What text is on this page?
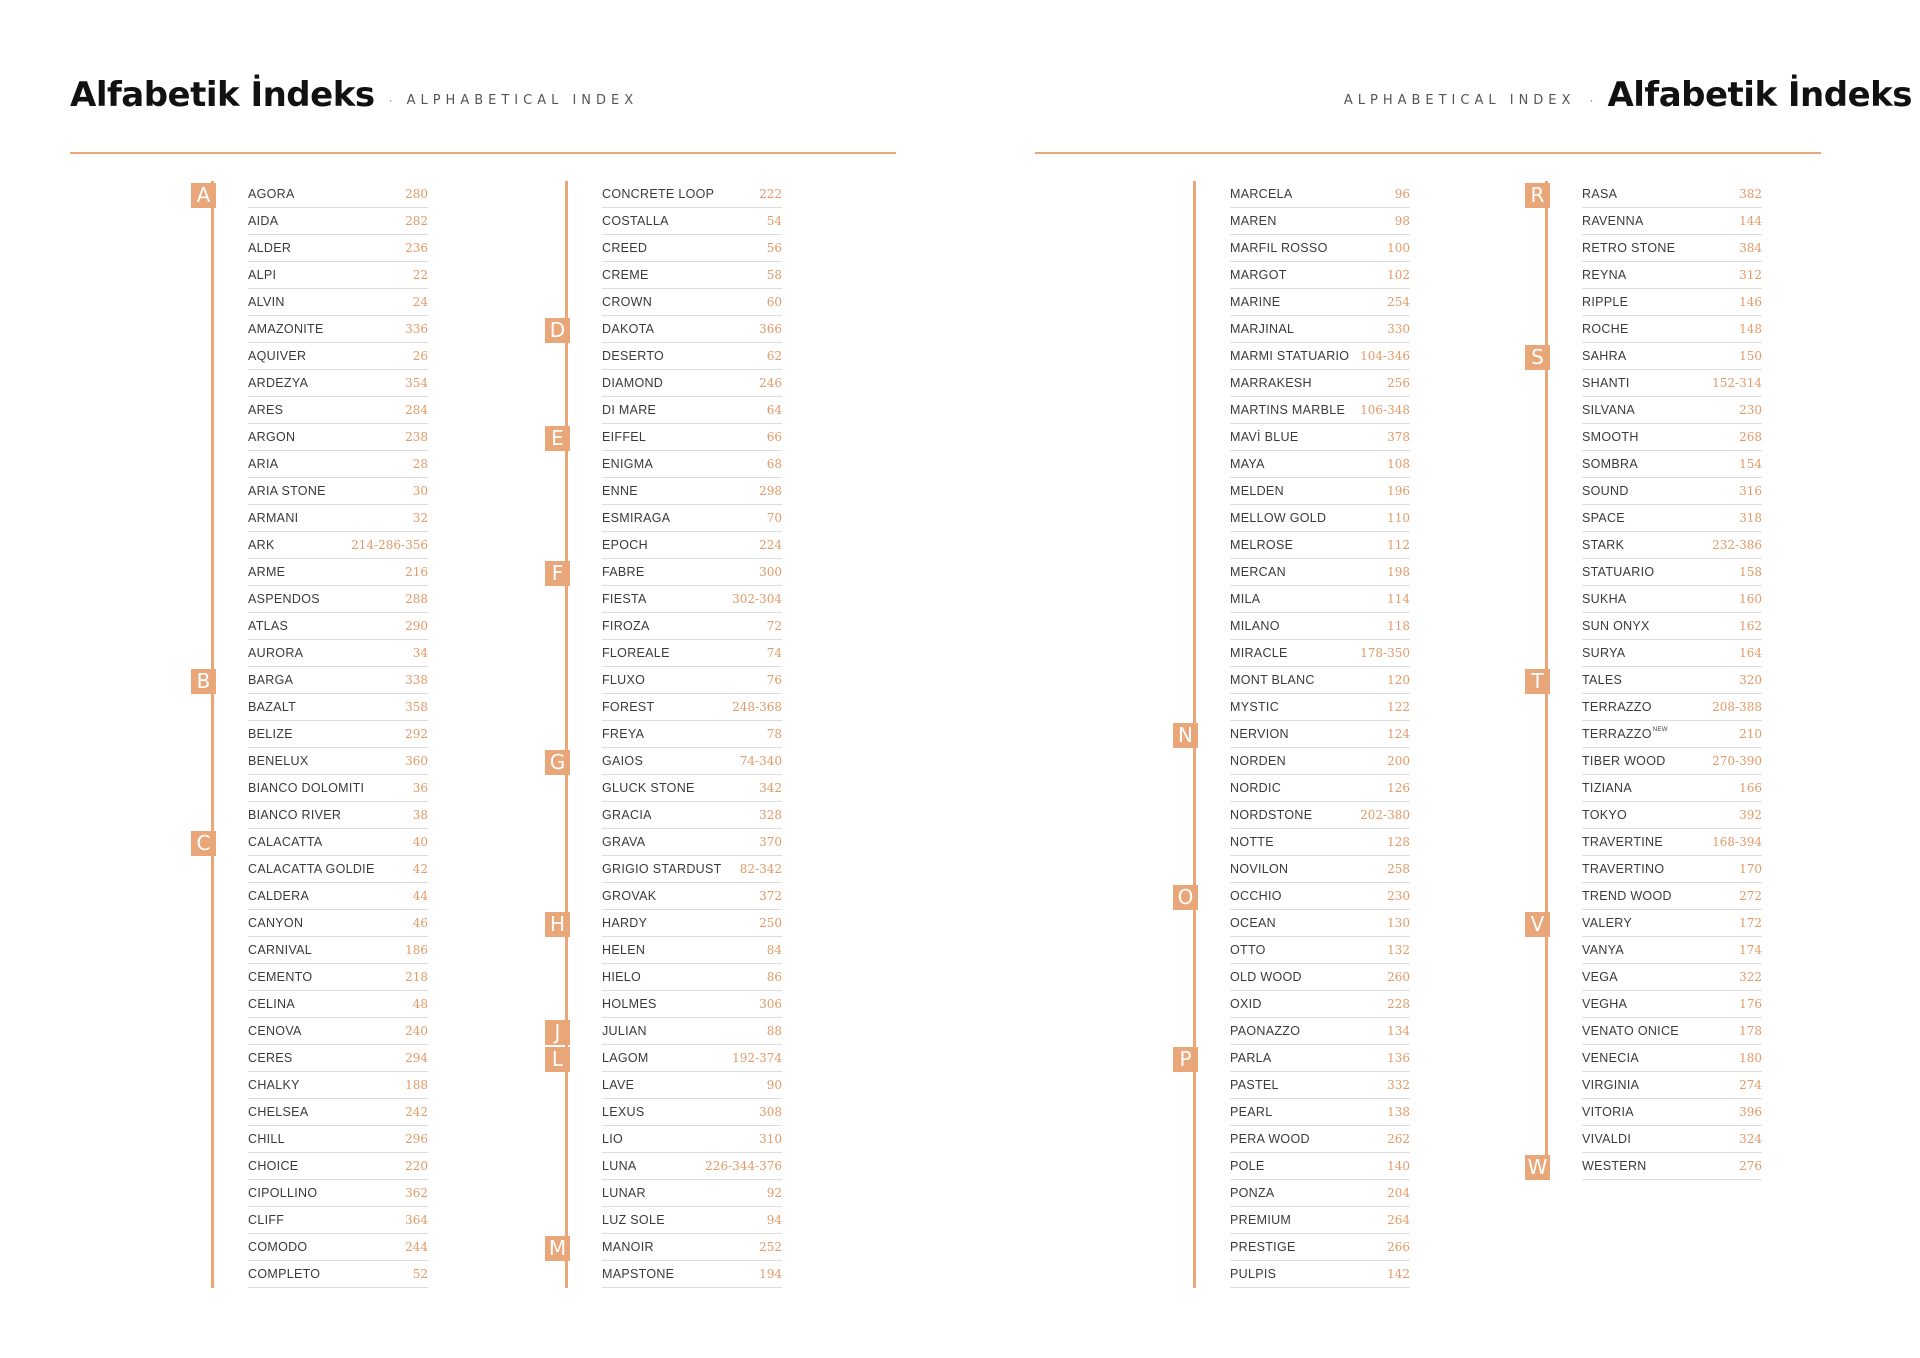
Alfabetik İndeks · ALPHABETICAL INDEX
A	AGORA	280
AIDA	282
ALDER	236
ALPI	22
ALVIN	24
AMAZONITE	336
AQUIVER	26
ARDEZYA	354
ARES	284
ARGON	238
ARIA	28
ARIA STONE	30
ARMANI	32
ARK	214-286-356
ARME	216
ASPENDOS	288
ATLAS	290
AURORA	34
B	BARGA	338
BAZALT	358
BELIZE	292
BENELUX	360
BIANCO DOLOMITI	36
BIANCO RIVER	38
C	CALACATTA	40
CALACATTA GOLDIE	42
CALDERA	44
CANYON	46
CARNIVAL	186
CEMENTO	218
CELINA	48
CENOVA	240
CERES	294
CHALKY	188
CHELSEA	242
CHILL	296
CHOICE	220
CIPOLLINO	362
CLIFF	364
COMODO	244
COMPLETO	52
CONCRETE LOOP	222
COSTALLA	54
CREED	56
CREME	58
CROWN	60
D	DAKOTA	366
DESERTO	62
DIAMOND	246
DI MARE	64
E	EIFFEL	66
ENIGMA	68
ENNE	298
ESMIRAGA	70
EPOCH	224
F	FABRE	300
FIESTA	302-304
FIROZA	72
FLOREALE	74
FLUXO	76
FOREST	248-368
FREYA	78
G	GAIOS	74-340
GLUCK STONE	342
GRACIA	328
GRAVA	370
GRIGIO STARDUST 82-342
GROVAK	372
H	HARDY	250
HELEN	84
HIELO	86
HOLMES	306
J	JULIAN	88
L	LAGOM	192-374
LAVE	90
LEXUS	308
LIO	310
LUNA	226-344-376
LUNAR	92
LUZ SOLE	94
M	MANOIR	252
MAPSTONE	194
ALPHABETICAL INDEX · Alfabetik İndeks
MARCELA	96
MAREN	98
MARFIL ROSSO	100
MARGOT	102
MARINE	254
MARJINAL	330
MARMI STATUARIO 104-346
MARRAKESH	256
MARTINS MARBLE 106-348
MAVİ BLUE	378
MAYA	108
MELDEN	196
MELLOW GOLD	110
MELROSE	112
MERCAN	198
MILA	114
MILANO	118
MIRACLE	178-350
MONT BLANC	120
MYSTIC	122
N	NERVION	124
NORDEN	200
NORDIC	126
NORDSTONE	202-380
NOTTE	128
NOVILON	258
O	OCCHIO	230
OCEAN	130
OTTO	132
OLD WOOD	260
OXID	228
PAONAZZO	134
P	PARLA	136
PASTEL	332
PEARL	138
PERA WOOD	262
POLE	140
PONZA	204
PREMIUM	264
PRESTIGE	266
PULPIS	142
R	RASA	382
RAVENNA	144
RETRO STONE	384
REYNA	312
RIPPLE	146
ROCHE	148
S	SAHRA	150
SHANTI	152-314
SILVANA	230
SMOOTH	268
SOMBRA	154
SOUND	316
SPACE	318
STARK	232-386
STATUARIO	158
SUKHA	160
SUN ONYX	162
SURYA	164
T	TALES	320
TERRAZZO	208-388
$TERRAZZO^{NEW}$	210
TIBER WOOD	270-390
TIZIANA	166
TOKYO	392
TRAVERTINE	168-394
TRAVERTINO	170
TREND WOOD	272
V	VALERY	172
VANYA	174
VEGA	322
VEGHA	176
VENATO ONICE	178
VENECIA	180
VIRGINIA	274
VITORIA	396
VIVALDI	324
W	WESTERN	276
